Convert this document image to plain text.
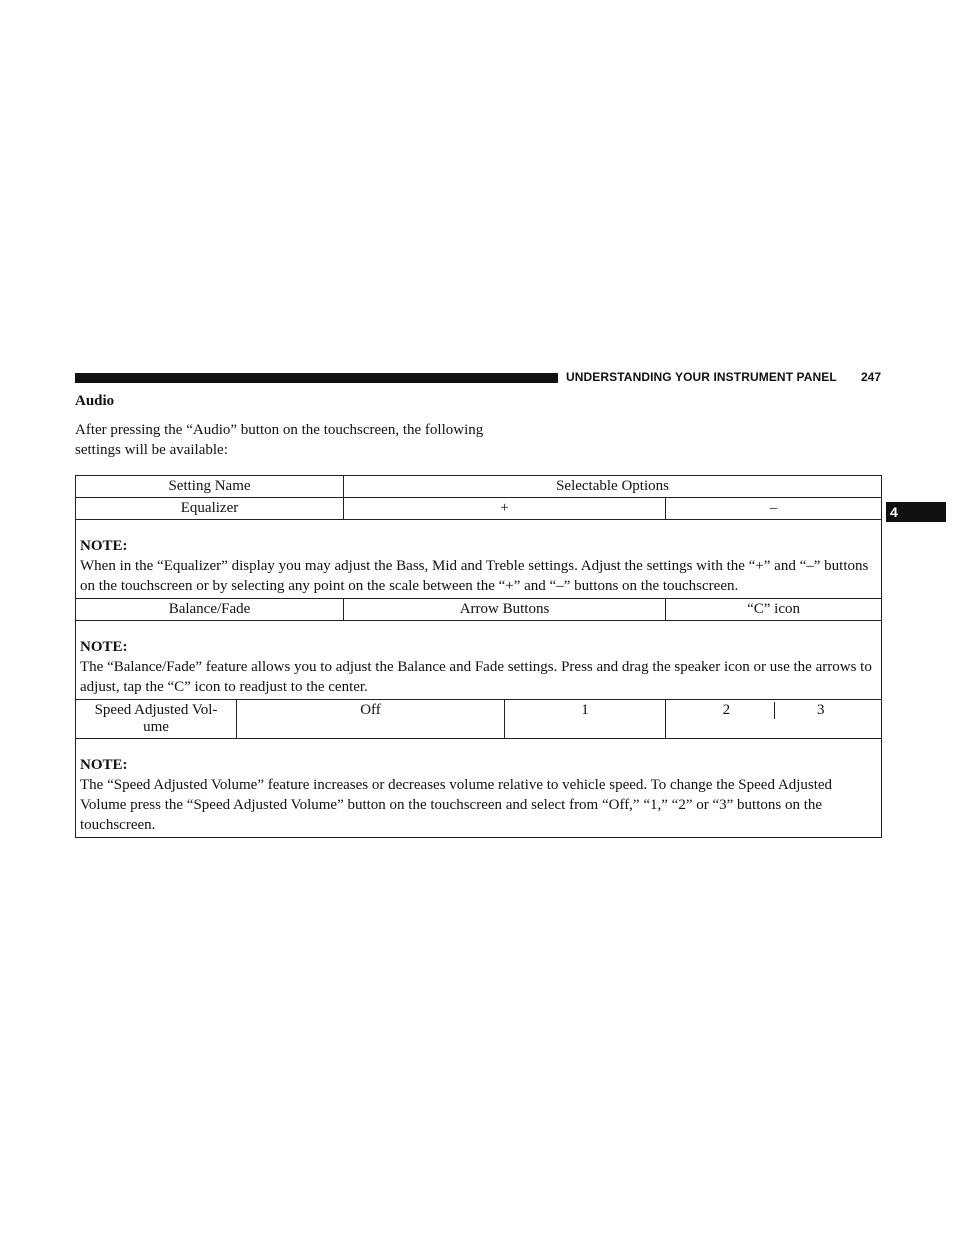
UNDERSTANDING YOUR INSTRUMENT PANEL 247
4
Audio

After pressing the “Audio” button on the touchscreen, the following settings will be available:

Setting Name		Selectable Options		
Equalizer		+		–

NOTE:
When in the “Equalizer” display you may adjust the Bass, Mid and Treble settings. Adjust the settings with the “+” and “–” buttons on the touchscreen or by selecting any point on the scale between the “+” and “–” buttons on the touchscreen.				

Balance/Fade		Arrow Buttons		“C” icon

NOTE:
The “Balance/Fade” feature allows you to adjust the Balance and Fade settings. Press and drag the speaker icon or use the arrows to adjust, tap the “C” icon to readjust to the center.				

Speed Adjusted Vol- ume	Off		1	2 3

NOTE:
The “Speed Adjusted Volume” feature increases or decreases volume relative to vehicle speed. To change the Speed Adjusted Volume press the “Speed Adjusted Volume” button on the touchscreen and select from “Off,” “1,” “2” or “3” buttons on the touchscreen.				
